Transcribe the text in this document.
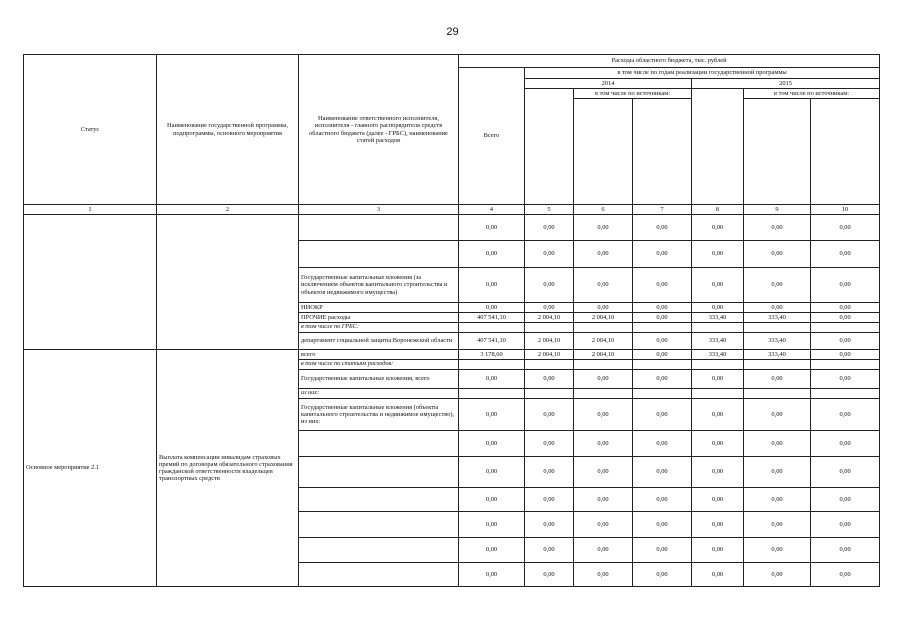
29
Статус	Наименование государственной программы, подпрограммы, основного мероприятия	Наименование ответственного исполнителя, исполнителя - главного распорядителя средств областного бюджета (далее - ГРБС), наименование статей расходов	Расходы областного бюджета, тыс. рублей						
			Всего	в том числе по годам реализации государственной программы					
				2014			2015		
					в том числе по источникам:			в том числе по источникам:	

1	2	3	4	5	6	7	8	9	10
			0,00	0,00	0,00	0,00	0,00	0,00	0,00
			0,00	0,00	0,00	0,00	0,00	0,00	0,00
		Государственные капитальные вложения (за исключением объектов капитального строительства и объектов недвижимого имущества)	0,00	0,00	0,00	0,00	0,00	0,00	0,00
		НИОКР	0,00	0,00	0,00	0,00	0,00	0,00	0,00
		ПРОЧИЕ расходы	407 541,10	2 004,10	2 004,10	0,00	333,40	333,40	0,00
		в том числе по ГРБС:							
		департамент социальной защиты Воронежской области	407 541,10	2 004,10	2 004,10	0,00	333,40	333,40	0,00
Основное мероприятие 2.1	Выплата компенсации инвалидам страховых премий по договорам обязательного страхования гражданской ответственности владельцев транспортных средств	всего	3 178,60	2 004,10	2 004,10	0,00	333,40	333,40	0,00
		в том числе по статьям расходов:							
		Государственные капитальные вложения, всего	0,00	0,00	0,00	0,00	0,00	0,00	0,00
		из них:							
		Государственные капитальные вложения (объекты капитального строительства и недвижимое имущество), из них:	0,00	0,00	0,00	0,00	0,00	0,00	0,00
			0,00	0,00	0,00	0,00	0,00	0,00	0,00
			0,00	0,00	0,00	0,00	0,00	0,00	0,00
			0,00	0,00	0,00	0,00	0,00	0,00	0,00
			0,00	0,00	0,00	0,00	0,00	0,00	0,00
			0,00	0,00	0,00	0,00	0,00	0,00	0,00
			0,00	0,00	0,00	0,00	0,00	0,00	0,00
